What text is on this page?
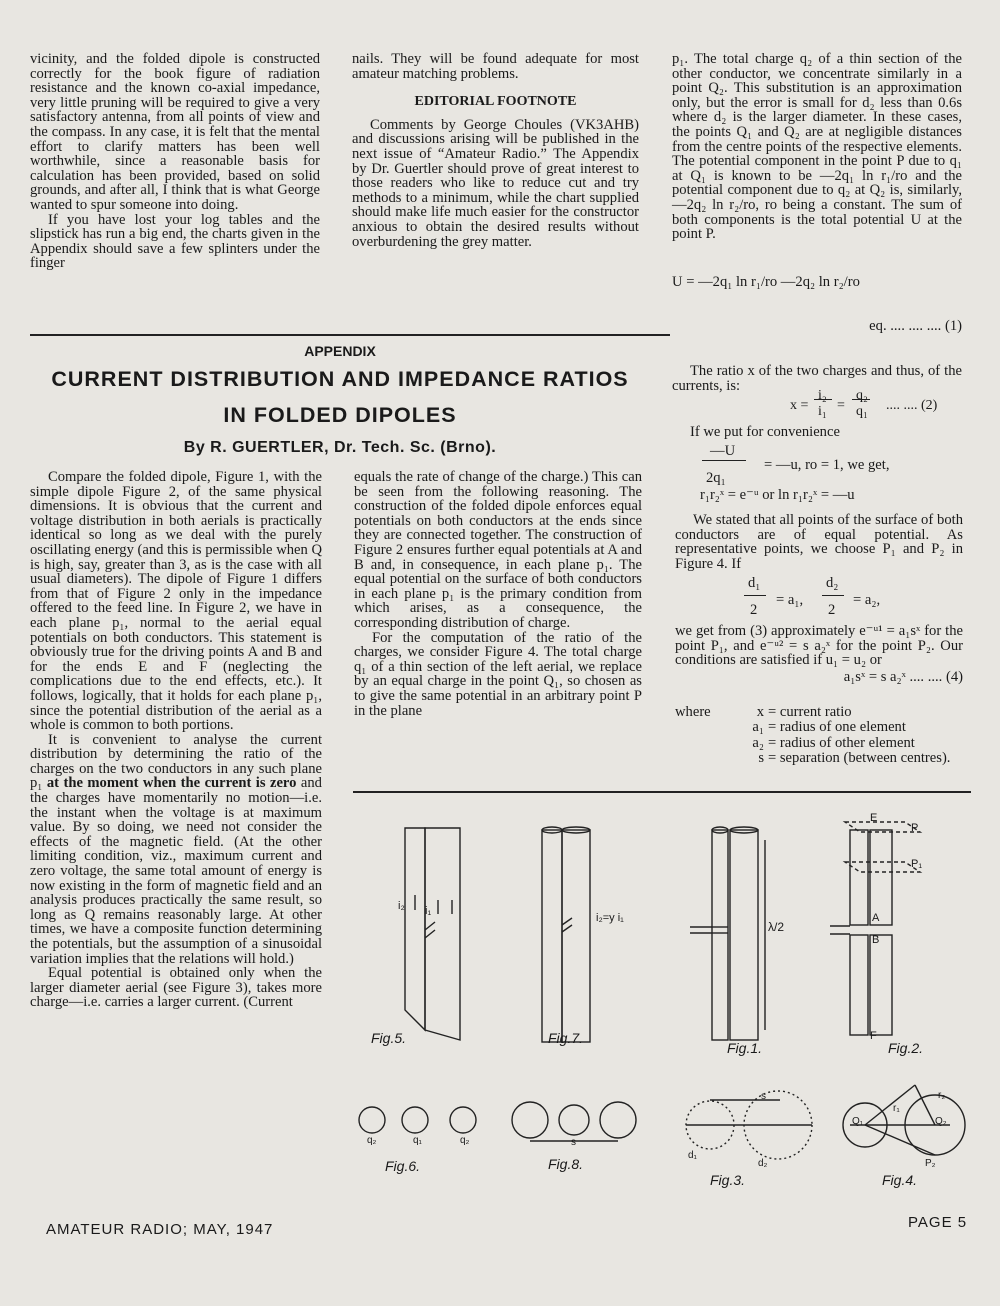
vicinity, and the folded dipole is constructed correctly for the book figure of radiation resistance and the known co-axial impedance, very little pruning will be required to give a very satisfactory antenna, from all points of view and the compass. In any case, it is felt that the mental effort to clarify matters has been well worthwhile, since a reasonable basis for calculation has been provided, based on solid grounds, and after all, I think that is what George wanted to spur someone into doing.

If you have lost your log tables and the slipstick has run a big end, the charts given in the Appendix should save a few splinters under the finger

nails. They will be found adequate for most amateur matching problems.

EDITORIAL FOOTNOTE

Comments by George Choules (VK3AHB) and discussions arising will be published in the next issue of “Amateur Radio.” The Appendix by Dr. Guertler should prove of great interest to those readers who like to reduce cut and try methods to a minimum, while the chart supplied should make life much easier for the constructor anxious to obtain the desired results without overburdening the grey matter.

p₁. The total charge q₂ of a thin section of the other conductor, we concentrate similarly in a point Q₂. This substitution is an approximation only, but the error is small for d₂ less than 0.6s where d₂ is the larger diameter. In these cases, the points Q₁ and Q₂ are at negligible distances from the centre points of the respective elements. The potential component in the point P due to q₁ at Q₁ is known to be —2q₁ ln r₁/ro and the potential component due to q₂ at Q₂ is, similarly, —2q₂ ln r₂/ro, ro being a constant. The sum of both components is the total potential U at the point P.

U = —2q₁ ln r₁/ro —2q₂ ln r₂/ro

eq. .... .... .... (1)

The ratio x of the two charges and thus, of the currents, is:

x =

i₂

i₁

=

q₂

q₁

.... .... (2)

If we put for convenience

—U

2q₁

= —u, ro = 1, we get,

r₁r₂ˣ = e⁻ᵘ or ln r₁r₂ˣ = —u

APPENDIX
CURRENT DISTRIBUTION AND IMPEDANCE RATIOS
IN FOLDED DIPOLES
By R. GUERTLER, Dr. Tech. Sc. (Brno).

Compare the folded dipole, Figure 1, with the simple dipole Figure 2, of the same physical dimensions. It is obvious that the current and voltage distribution in both aerials is practically identical so long as we deal with the purely oscillating energy (and this is permissible when Q is high, say, greater than 3, as is the case with all usual diameters). The dipole of Figure 1 differs from that of Figure 2 only in the impedance offered to the feed line. In Figure 2, we have in each plane p₁, normal to the aerial equal potentials on both conductors. This statement is obviously true for the driving points A and B and for the ends E and F (neglecting the complications due to the end effects, etc.). It follows, logically, that it holds for each plane p₁, since the potential distribution of the aerial as a whole is common to both portions.

It is convenient to analyse the current distribution by determining the ratio of the charges on the two conductors in any such plane p₁ at the moment when the current is zero and the charges have momentarily no motion—i.e. the instant when the voltage is at maximum value. By so doing, we need not consider the effects of the magnetic field. (At the other limiting condition, viz., maximum current and zero voltage, the same total amount of energy is now existing in the form of magnetic field and an analysis produces practically the same result, so long as Q remains reasonably large. At other times, we have a composite function determining the potentials, but the assumption of a sinusoidal variation implies that the relations will hold.)

Equal potential is obtained only when the larger diameter aerial (see Figure 3), takes more charge—i.e. carries a larger current. (Current

equals the rate of change of the charge.) This can be seen from the following reasoning. The construction of the folded dipole enforces equal potentials on both conductors at the ends since they are connected together. The construction of Figure 2 ensures further equal potentials at A and B and, in consequence, in each plane p₁. The equal potential on the surface of both conductors in each plane p₁ is the primary condition from which arises, as a consequence, the corresponding distribution of charge.

For the computation of the ratio of the charges, we consider Figure 4. The total charge q₁ of a thin section of the left aerial, we replace by an equal charge in the point Q₁, so chosen as to give the same potential in an arbitrary point P in the plane

We stated that all points of the surface of both conductors are of equal potential. As representative points, we choose P₁ and P₂ in Figure 4. If

d₁

2

= a₁,

d₂

2

= a₂,

we get from (3) approximately e⁻ᵘ¹ = a₁sˣ for the point P₁, and e⁻ᵘ² = s a₂ˣ for the point P₂. Our conditions are satisfied if u₁ = u₂ or

a₁sˣ = s a₂ˣ .... .... (4)

where	x = current ratio
a₁ = radius of one element
a₂ = radius of other element
s = separation (between centres).
Fig.5.	Fig.7.
Fig.1.	Fig.2.
Fig.6.	Fig.8.
Fig.3.	Fig.4.
i₂ i₁
i₂=y i₁
λ/2
E
P
P₁
A
B
F
q₂	q₁	q₂	s
s
d₁
d₂
Q₁	Q₂
r₁
r₂
P₂
AMATEUR RADIO; MAY, 1947	PAGE 5
